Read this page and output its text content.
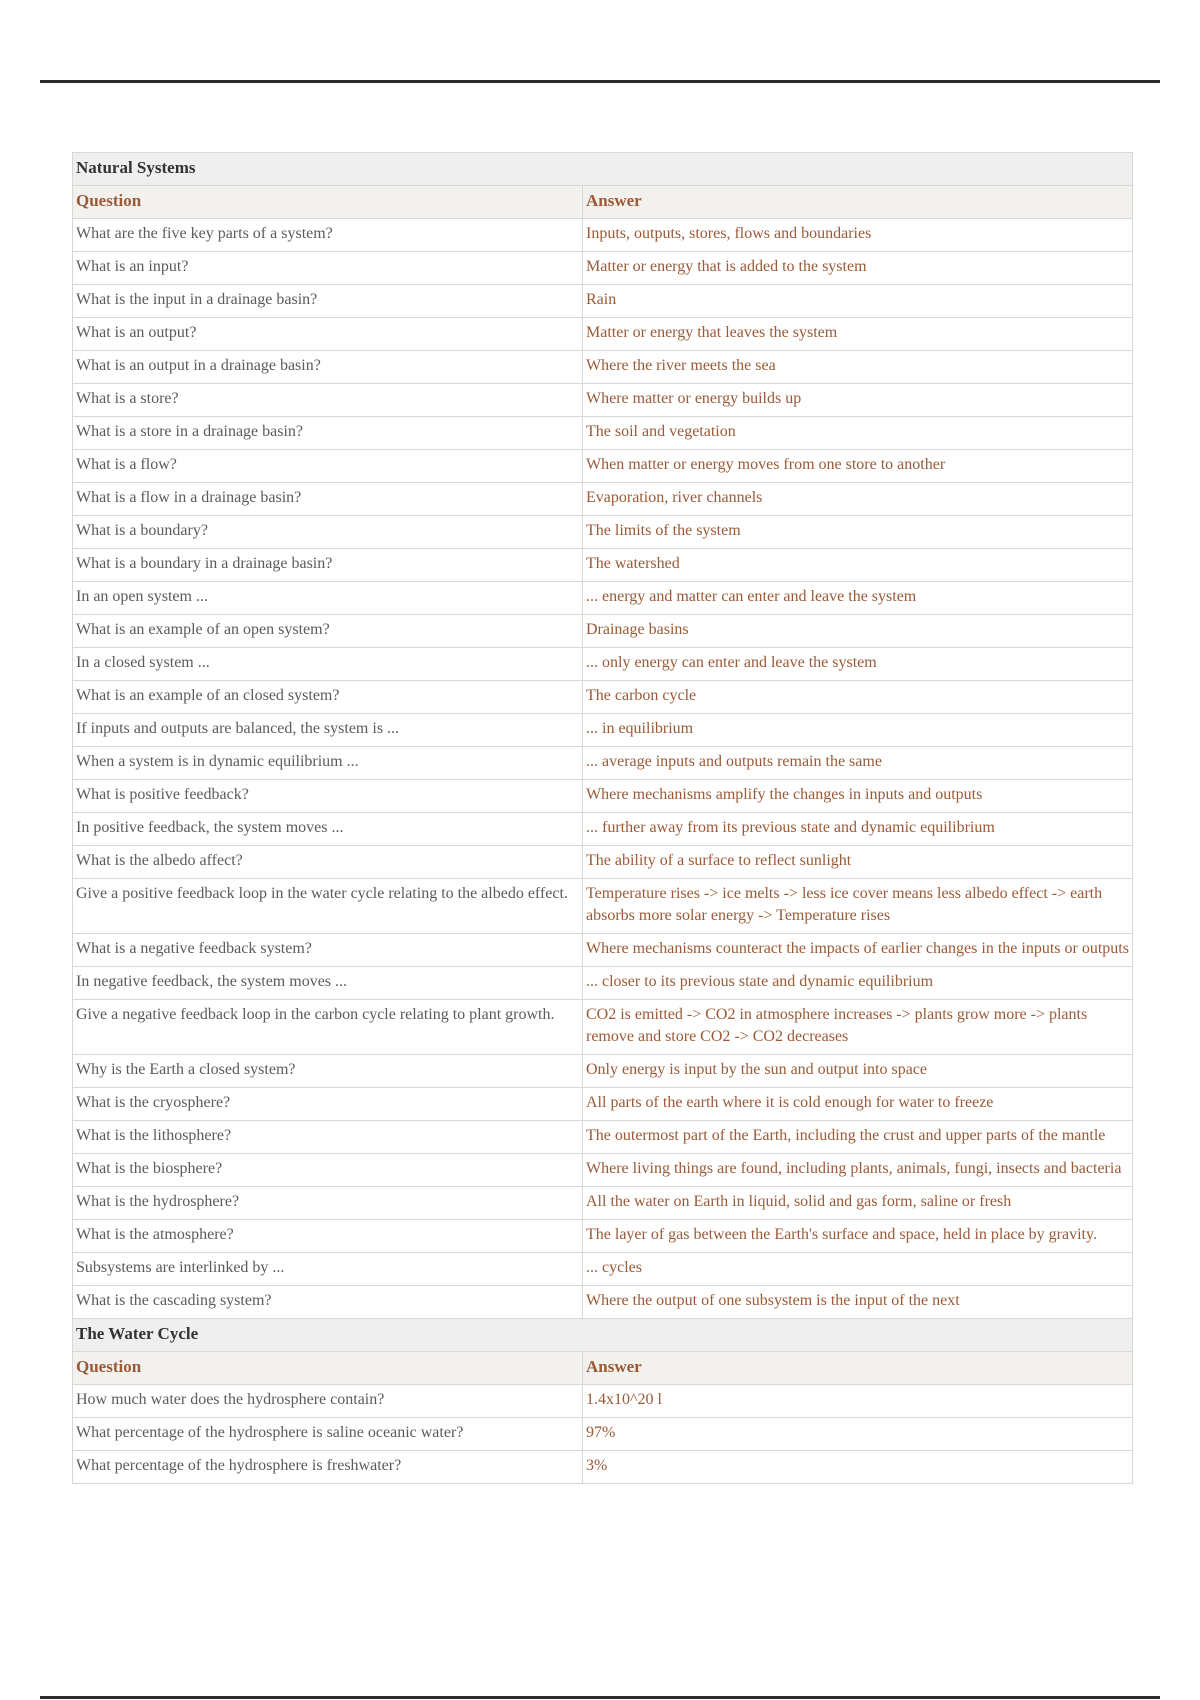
Natural Systems	
Question	Answer
What are the five key parts of a system?	Inputs, outputs, stores, flows and boundaries
What is an input?	Matter or energy that is added to the system
What is the input in a drainage basin?	Rain
What is an output?	Matter or energy that leaves the system
What is an output in a drainage basin?	Where the river meets the sea
What is a store?	Where matter or energy builds up
What is a store in a drainage basin?	The soil and vegetation
What is a flow?	When matter or energy moves from one store to another
What is a flow in a drainage basin?	Evaporation, river channels
What is a boundary?	The limits of the system
What is a boundary in a drainage basin?	The watershed
In an open system ...	... energy and matter can enter and leave the system
What is an example of an open system?	Drainage basins
In a closed system ...	... only energy can enter and leave the system
What is an example of an closed system?	The carbon cycle
If inputs and outputs are balanced, the system is ...	... in equilibrium
When a system is in dynamic equilibrium ...	... average inputs and outputs remain the same
What is positive feedback?	Where mechanisms amplify the changes in inputs and outputs
In positive feedback, the system moves ...	... further away from its previous state and dynamic equilibrium
What is the albedo affect?	The ability of a surface to reflect sunlight
Give a positive feedback loop in the water cycle relating to the albedo effect.	Temperature rises -> ice melts -> less ice cover means less albedo effect -> earth absorbs more solar energy -> Temperature rises
What is a negative feedback system?	Where mechanisms counteract the impacts of earlier changes in the inputs or outputs
In negative feedback, the system moves ...	... closer to its previous state and dynamic equilibrium
Give a negative feedback loop in the carbon cycle relating to plant growth.	CO2 is emitted -> CO2 in atmosphere increases -> plants grow more -> plants remove and store CO2 -> CO2 decreases
Why is the Earth a closed system?	Only energy is input by the sun and output into space
What is the cryosphere?	All parts of the earth where it is cold enough for water to freeze
What is the lithosphere?	The outermost part of the Earth, including the crust and upper parts of the mantle
What is the biosphere?	Where living things are found, including plants, animals, fungi, insects and bacteria
What is the hydrosphere?	All the water on Earth in liquid, solid and gas form, saline or fresh
What is the atmosphere?	The layer of gas between the Earth's surface and space, held in place by gravity.
Subsystems are interlinked by ...	... cycles
What is the cascading system?	Where the output of one subsystem is the input of the next
The Water Cycle	
Question	Answer
How much water does the hydrosphere contain?	1.4x10^20 l
What percentage of the hydrosphere is saline oceanic water?	97%
What percentage of the hydrosphere is freshwater?	3%
